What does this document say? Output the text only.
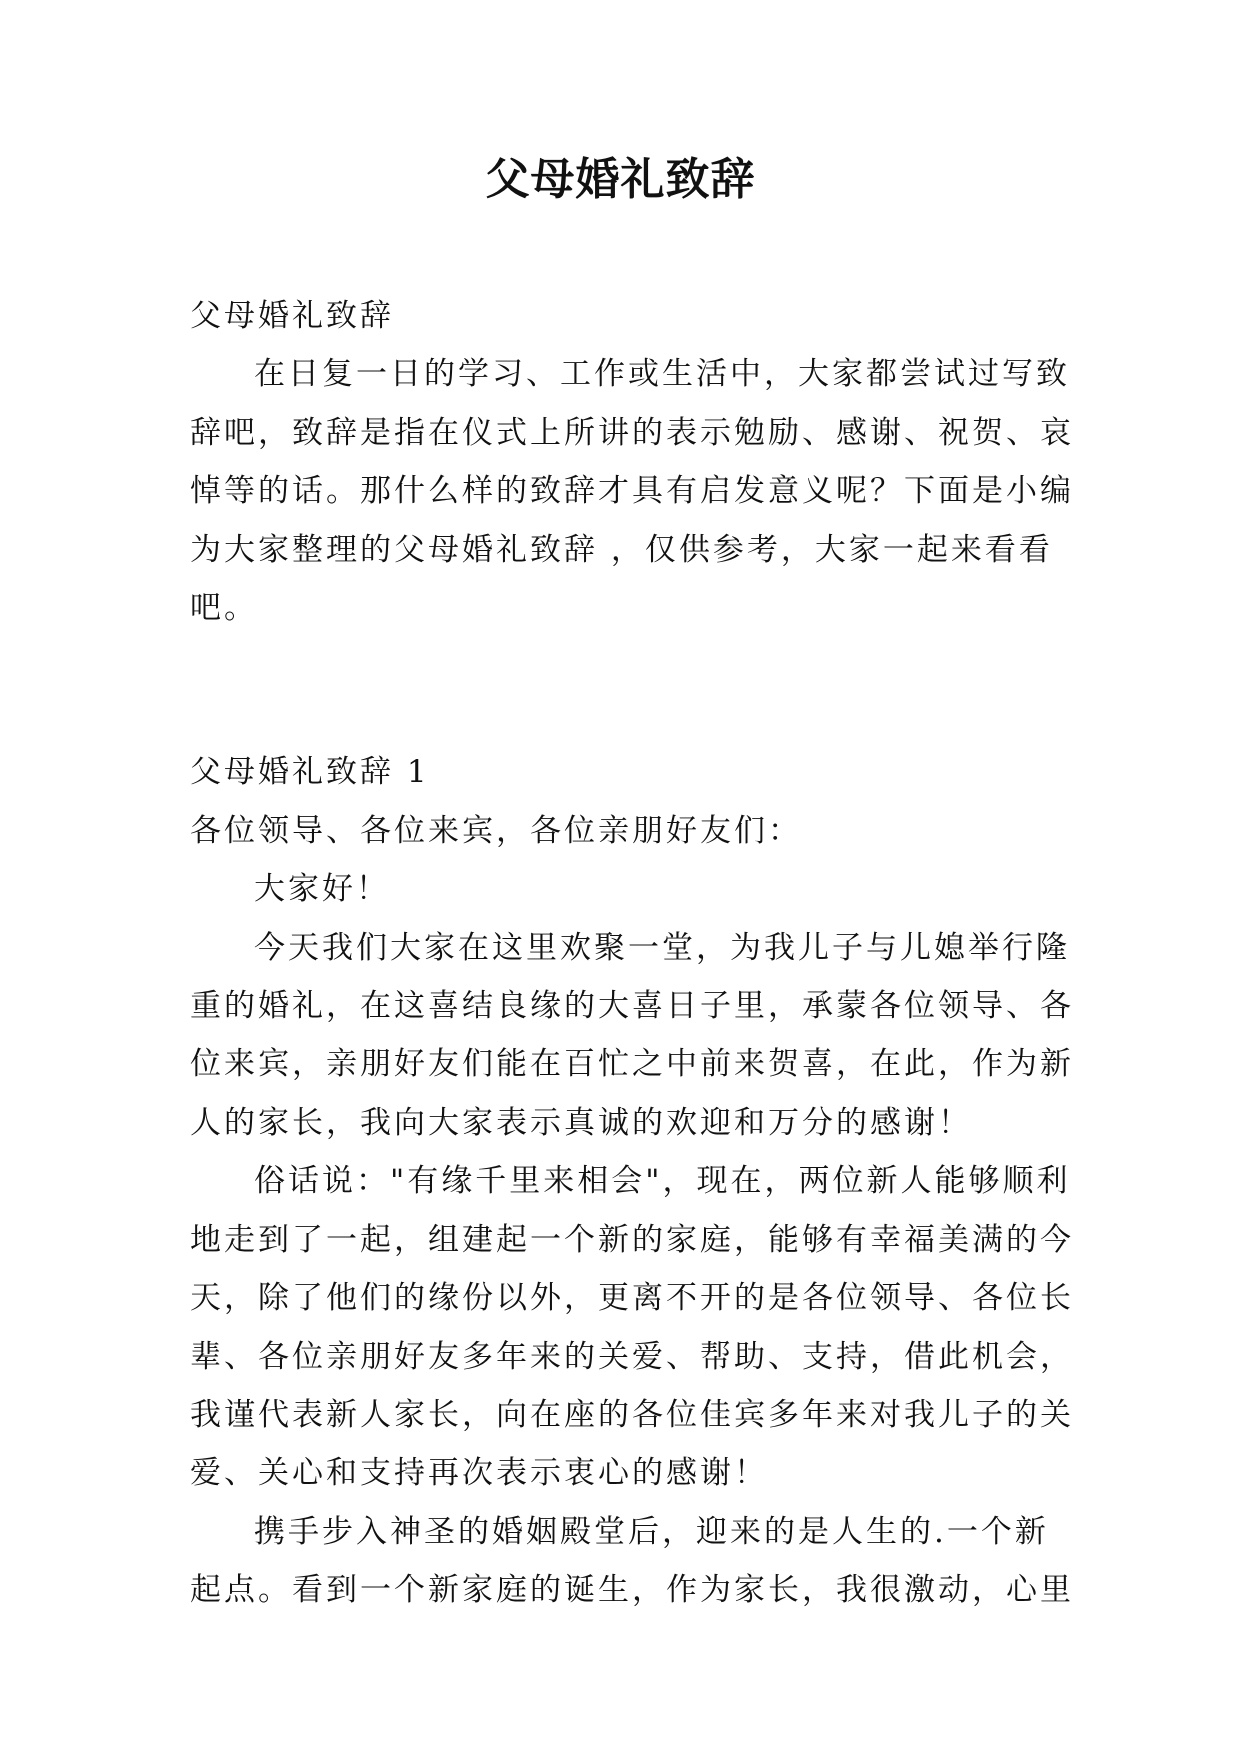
父母婚礼致辞
父母婚礼致辞
在日复一日的学习、工作或生活中，大家都尝试过写致
辞吧，致辞是指在仪式上所讲的表示勉励、感谢、祝贺、哀
悼等的话。那什么样的致辞才具有启发意义呢？下面是小编
为大家整理的父母婚礼致辞 ，仅供参考，大家一起来看看
吧。
父母婚礼致辞 1
各位领导、各位来宾，各位亲朋好友们：
大家好！
今天我们大家在这里欢聚一堂，为我儿子与儿媳举行隆
重的婚礼，在这喜结良缘的大喜日子里，承蒙各位领导、各
位来宾，亲朋好友们能在百忙之中前来贺喜，在此，作为新
人的家长，我向大家表示真诚的欢迎和万分的感谢！
俗话说："有缘千里来相会"，现在，两位新人能够顺利
地走到了一起，组建起一个新的家庭，能够有幸福美满的今
天，除了他们的缘份以外，更离不开的是各位领导、各位长
辈、各位亲朋好友多年来的关爱、帮助、支持，借此机会，
我谨代表新人家长，向在座的各位佳宾多年来对我儿子的关
爱、关心和支持再次表示衷心的感谢！
携手步入神圣的婚姻殿堂后，迎来的是人生的.一个新
起点。看到一个新家庭的诞生，作为家长，我很激动，心里
